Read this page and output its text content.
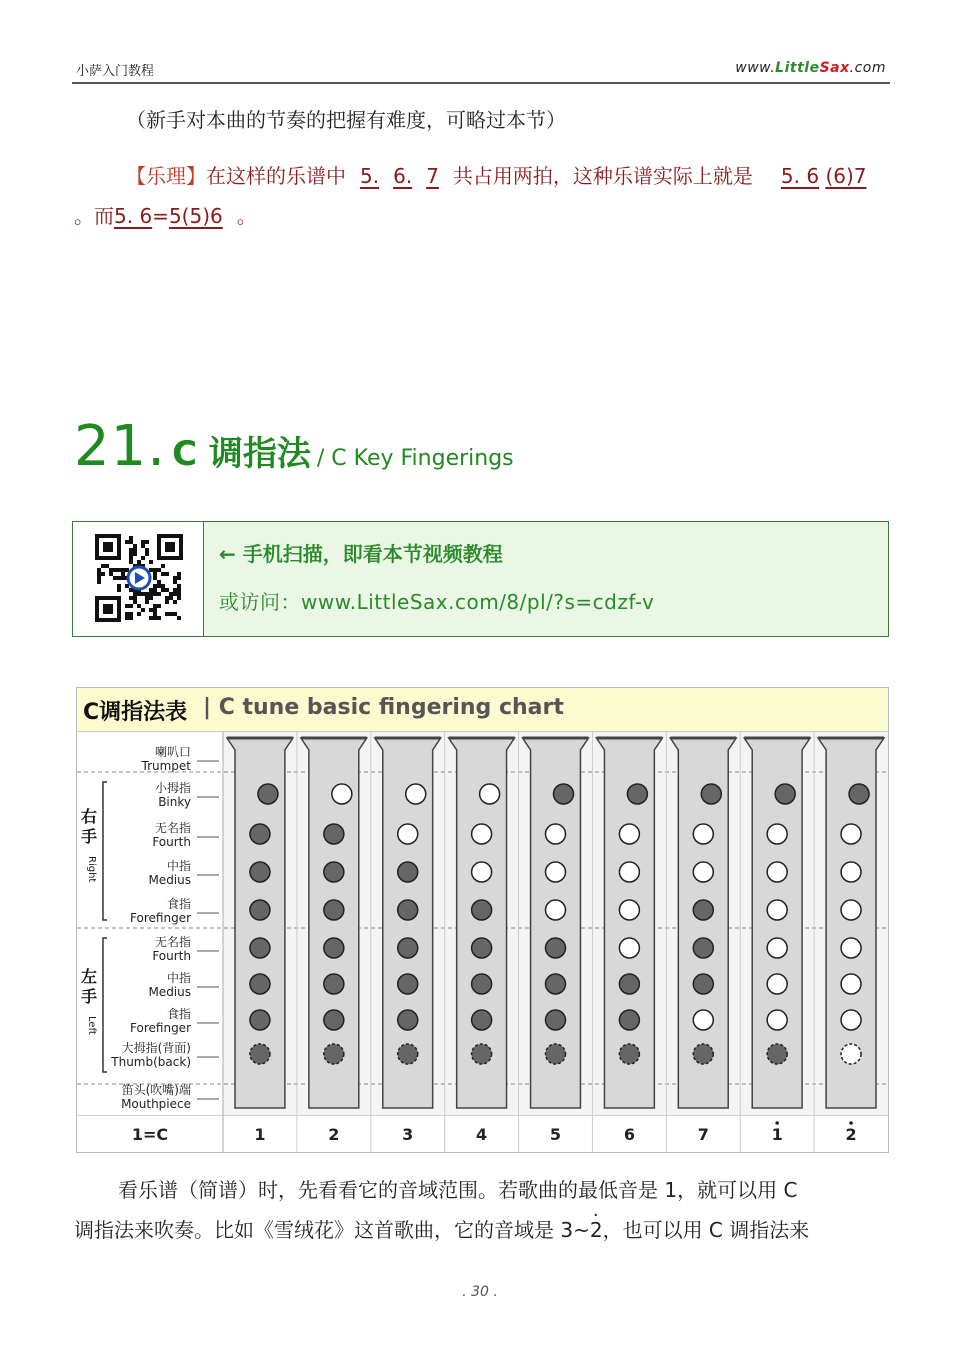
小萨入门教程	www.LittleSax.com
（新手对本曲的节奏的把握有难度，可略过本节）
【乐理】在这样的乐谱中 5. 6. 7 共占用两拍，这种乐谱实际上就是 5. 6 (6)7。而5. 6=5(5)6 。
21. C 调指法 / C Key Fingerings
← 手机扫描，即看本节视频教程
或访问：www.LittleSax.com/8/pl/?s=cdzf-v
C调指法表 | C tune basic fingering chart
喇叭口
Trumpet
小拇指
Binky
无名指
Fourth
中指
Medius
食指
Forefinger
无名指
Fourth
中指
Medius
食指
Forefinger
大拇指(背面)
Thumb(back)
笛头(吹嘴)端
Mouthpiece
右
手
Right
左
手
Left
1=C	1	2	3	4	5	6	7	1	2
看乐谱（简谱）时，先看看它的音域范围。若歌曲的最低音是 1，就可以用 C
调指法来吹奏。比如《雪绒花》这首歌曲，它的音域是 3~· 2，也可以用 C 调指法来
. 30 .
